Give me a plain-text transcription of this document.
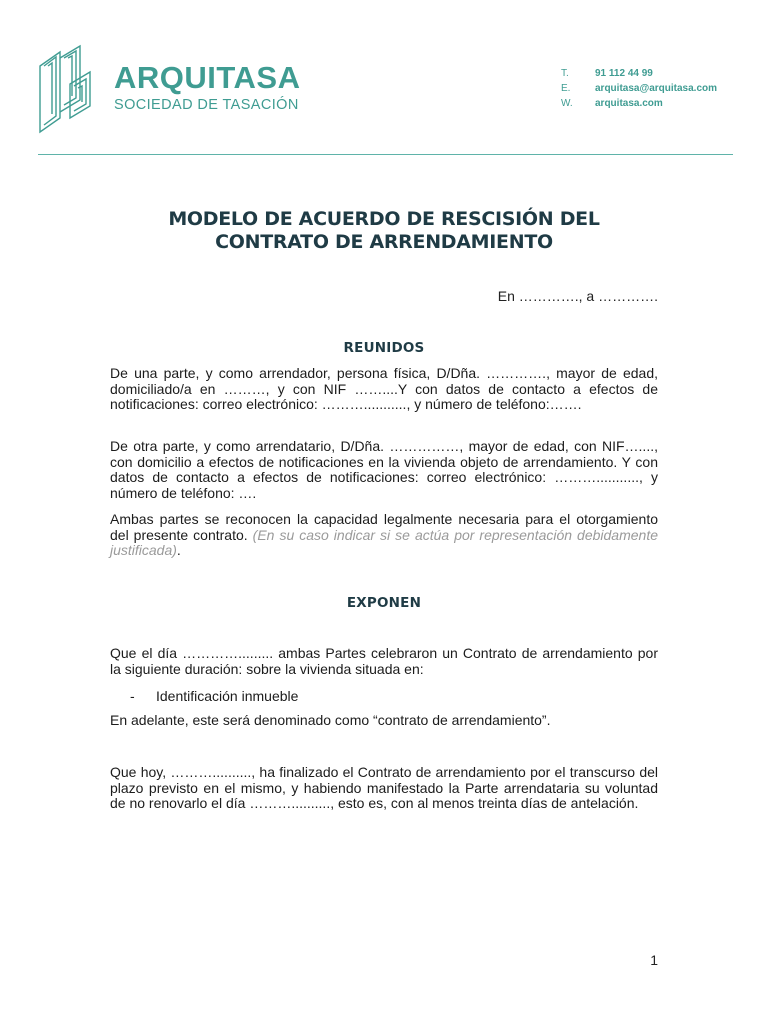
ARQUITASA
SOCIEDAD DE TASACIÓN
T.	91 112 44 99
E.	arquitasa@arquitasa.com
W.	arquitasa.com
MODELO DE ACUERDO DE RESCISIÓN DEL
CONTRATO DE ARRENDAMIENTO
En …………., a ………….
REUNIDOS
De una parte, y como arrendador, persona física, D/Dña. …………., mayor de edad, domiciliado/a en ………, y con NIF ……....Y con datos de contacto a efectos de notificaciones: correo electrónico: ………..........., y número de teléfono:…….
De otra parte, y como arrendatario, D/Dña. ……………, mayor de edad, con NIF…...., con domicilio a efectos de notificaciones en la vivienda objeto de arrendamiento. Y con datos de contacto a efectos de notificaciones: correo electrónico: ………..........., y número de teléfono: ….
Ambas partes se reconocen la capacidad legalmente necesaria para el otorgamiento del presente contrato. (En su caso indicar si se actúa por representación debidamente justificada).
EXPONEN
Que el día …………......... ambas Partes celebraron un Contrato de arrendamiento por la siguiente duración: sobre la vivienda situada en:
-	Identificación inmueble
En adelante, este será denominado como “contrato de arrendamiento”.
Que hoy, ……….........., ha finalizado el Contrato de arrendamiento por el transcurso del plazo previsto en el mismo, y habiendo manifestado la Parte arrendataria su voluntad de no renovarlo el día ……….........., esto es, con al menos treinta días de antelación.
1
